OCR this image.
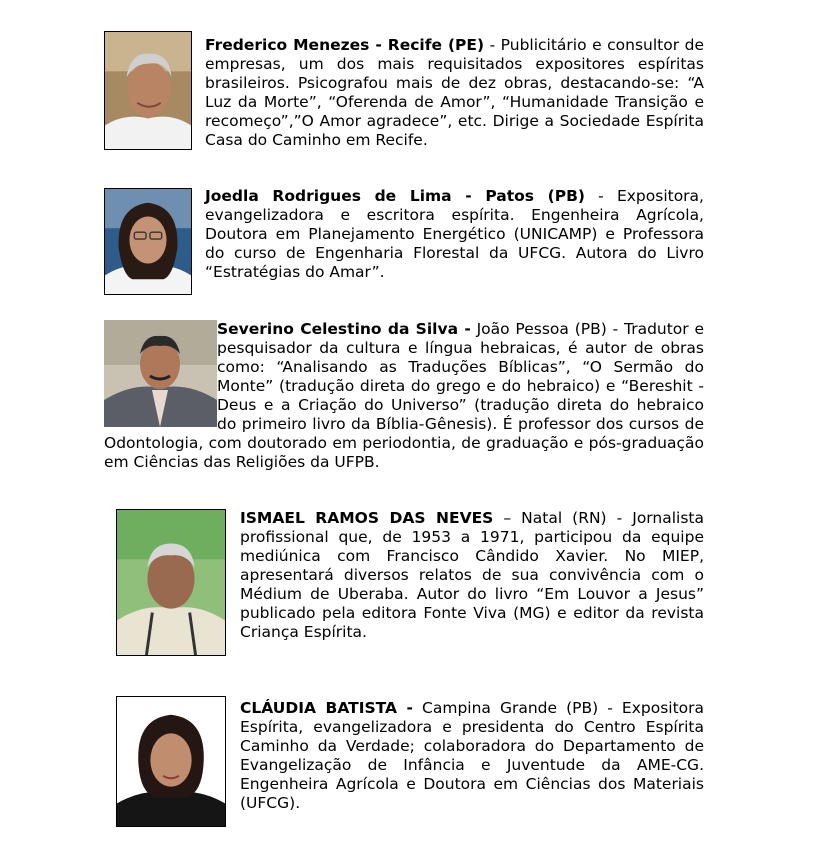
Frederico Menezes - Recife (PE) - Publicitário e consultor de empresas, um dos mais requisitados expositores espíritas brasileiros. Psicografou mais de dez obras, destacando-se: “A Luz da Morte”, “Oferenda de Amor”, “Humanidade Transição e recomeço”,”O Amor agradece”, etc. Dirige a Sociedade Espírita Casa do Caminho em Recife.
Joedla Rodrigues de Lima - Patos (PB) - Expositora, evangelizadora e escritora espírita. Engenheira Agrícola, Doutora em Planejamento Energético (UNICAMP) e Professora do curso de Engenharia Florestal da UFCG. Autora do Livro “Estratégias do Amar”.
Severino Celestino da Silva - João Pessoa (PB) - Tradutor e pesquisador da cultura e língua hebraicas, é autor de obras como: “Analisando as Traduções Bíblicas”, “O Sermão do Monte” (tradução direta do grego e do hebraico) e “Bereshit - Deus e a Criação do Universo” (tradução direta do hebraico do primeiro livro da Bíblia-Gênesis). É professor dos cursos de Odontologia, com doutorado em periodontia, de graduação e pós-graduação em Ciências das Religiões da UFPB.
ISMAEL RAMOS DAS NEVES – Natal (RN) - Jornalista profissional que, de 1953 a 1971, participou da equipe mediúnica com Francisco Cândido Xavier. No MIEP, apresentará diversos relatos de sua convivência com o Médium de Uberaba. Autor do livro “Em Louvor a Jesus” publicado pela editora Fonte Viva (MG) e editor da revista Criança Espírita.
CLÁUDIA BATISTA - Campina Grande (PB) - Expositora Espírita, evangelizadora e presidenta do Centro Espírita Caminho da Verdade; colaboradora do Departamento de Evangelização de Infância e Juventude da AME-CG. Engenheira Agrícola e Doutora em Ciências dos Materiais (UFCG).
